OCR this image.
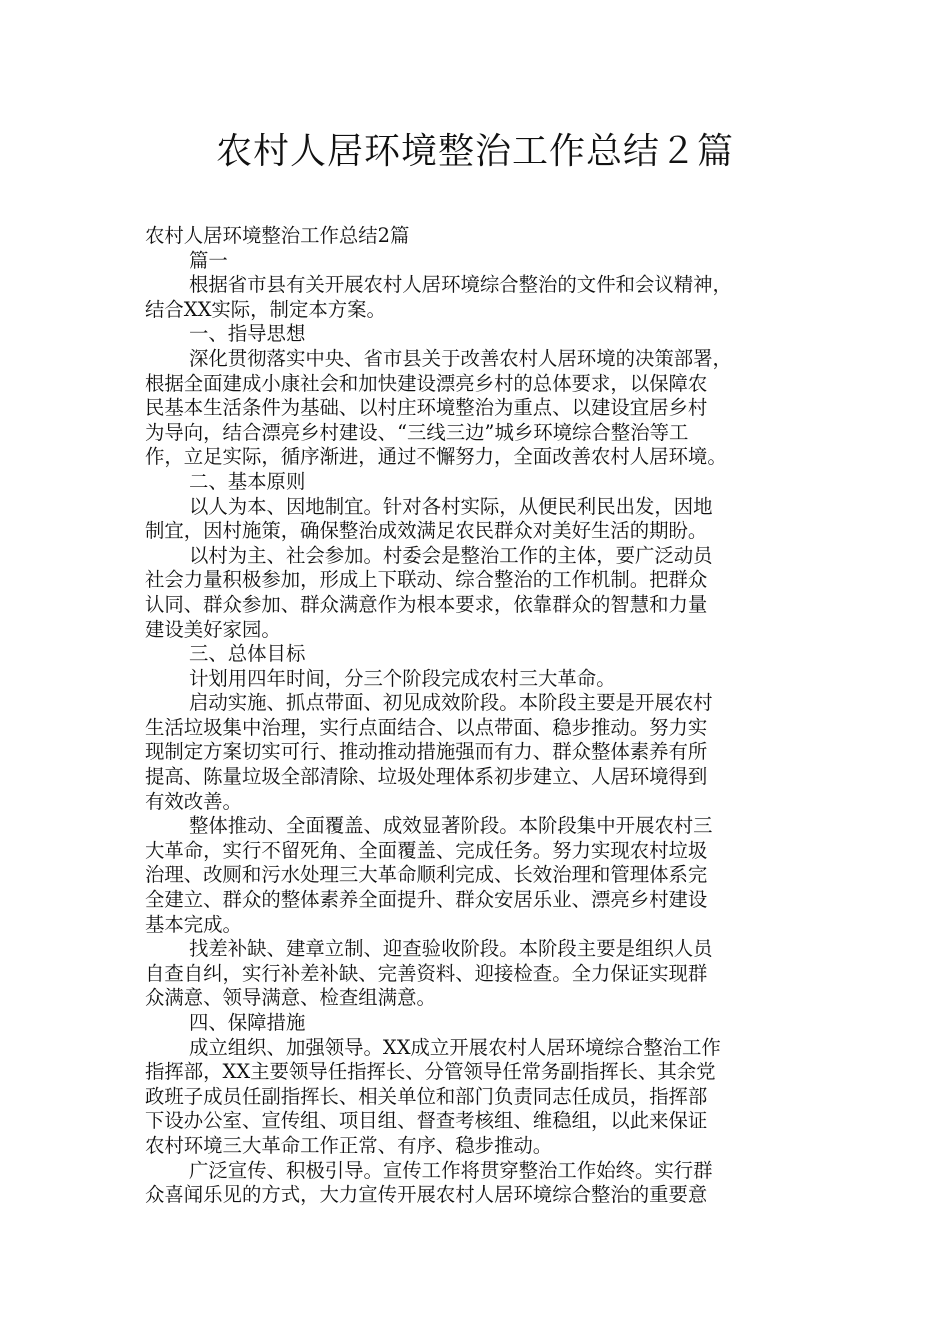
农村人居环境整治工作总结２篇

农村人居环境整治工作总结2篇

篇一

根据省市县有关开展农村人居环境综合整治的文件和会议精神，

结合XX实际，制定本方案。

一、指导思想

深化贯彻落实中央、省市县关于改善农村人居环境的决策部署，

根据全面建成小康社会和加快建设漂亮乡村的总体要求，以保障农

民基本生活条件为基础、以村庄环境整治为重点、以建设宜居乡村

为导向，结合漂亮乡村建设、“三线三边”城乡环境综合整治等工

作，立足实际，循序渐进，通过不懈努力，全面改善农村人居环境。

二、基本原则

以人为本、因地制宜。针对各村实际，从便民利民出发，因地

制宜，因村施策，确保整治成效满足农民群众对美好生活的期盼。

以村为主、社会参加。村委会是整治工作的主体，要广泛动员

社会力量积极参加，形成上下联动、综合整治的工作机制。把群众

认同、群众参加、群众满意作为根本要求，依靠群众的智慧和力量

建设美好家园。

三、总体目标

计划用四年时间，分三个阶段完成农村三大革命。

启动实施、抓点带面、初见成效阶段。本阶段主要是开展农村

生活垃圾集中治理，实行点面结合、以点带面、稳步推动。努力实

现制定方案切实可行、推动推动措施强而有力、群众整体素养有所

提高、陈量垃圾全部清除、垃圾处理体系初步建立、人居环境得到

有效改善。

整体推动、全面覆盖、成效显著阶段。本阶段集中开展农村三

大革命，实行不留死角、全面覆盖、完成任务。努力实现农村垃圾

治理、改厕和污水处理三大革命顺利完成、长效治理和管理体系完

全建立、群众的整体素养全面提升、群众安居乐业、漂亮乡村建设

基本完成。

找差补缺、建章立制、迎查验收阶段。本阶段主要是组织人员

自查自纠，实行补差补缺、完善资料、迎接检查。全力保证实现群

众满意、领导满意、检查组满意。

四、保障措施

成立组织、加强领导。XX成立开展农村人居环境综合整治工作

指挥部，XX主要领导任指挥长、分管领导任常务副指挥长、其余党

政班子成员任副指挥长、相关单位和部门负责同志任成员，指挥部

下设办公室、宣传组、项目组、督查考核组、维稳组，以此来保证

农村环境三大革命工作正常、有序、稳步推动。

广泛宣传、积极引导。宣传工作将贯穿整治工作始终。实行群

众喜闻乐见的方式，大力宣传开展农村人居环境综合整治的重要意
